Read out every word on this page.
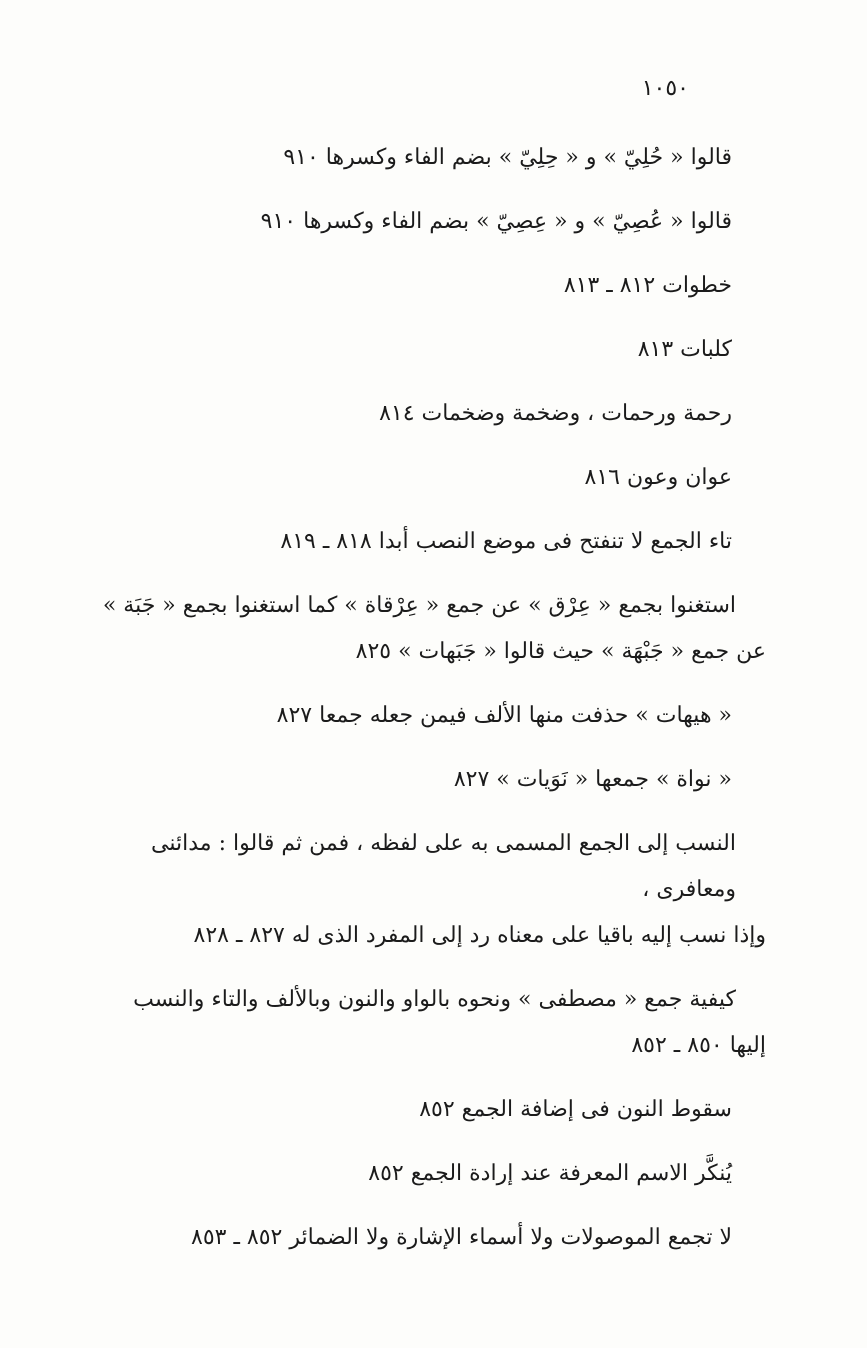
١٠٥٠
قالوا « حُلِيّ » و « حِلِيّ » بضم الفاء وكسرها ٩١٠
قالوا « عُصِيّ » و « عِصِيّ » بضم الفاء وكسرها ٩١٠
خطوات ٨١٢ ـ ٨١٣
كلبات ٨١٣
رحمة ورحمات ، وضخمة وضخمات ٨١٤
عوان وعون ٨١٦
تاء الجمع لا تنفتح فى موضع النصب أبدا ٨١٨ ـ ٨١٩
استغنوا بجمع « عِرْق » عن جمع « عِرْقاة » كما استغنوا بجمع « جَبَة »
عن جمع « جَبْهَة » حيث قالوا « جَبَهات » ٨٢٥
« هيهات » حذفت منها الألف فيمن جعله جمعا ٨٢٧
« نواة » جمعها « نَوَيات » ٨٢٧
النسب إلى الجمع المسمى به على لفظه ، فمن ثم قالوا : مدائنى ومعافرى ،
وإذا نسب إليه باقيا على معناه رد إلى المفرد الذى له ٨٢٧ ـ ٨٢٨
كيفية جمع « مصطفى » ونحوه بالواو والنون وبالألف والتاء والنسب
إليها ٨٥٠ ـ ٨٥٢
سقوط النون فى إضافة الجمع ٨٥٢
يُنكَّر الاسم المعرفة عند إرادة الجمع ٨٥٢
لا تجمع الموصولات ولا أسماء الإشارة ولا الضمائر ٨٥٢ ـ ٨٥٣
